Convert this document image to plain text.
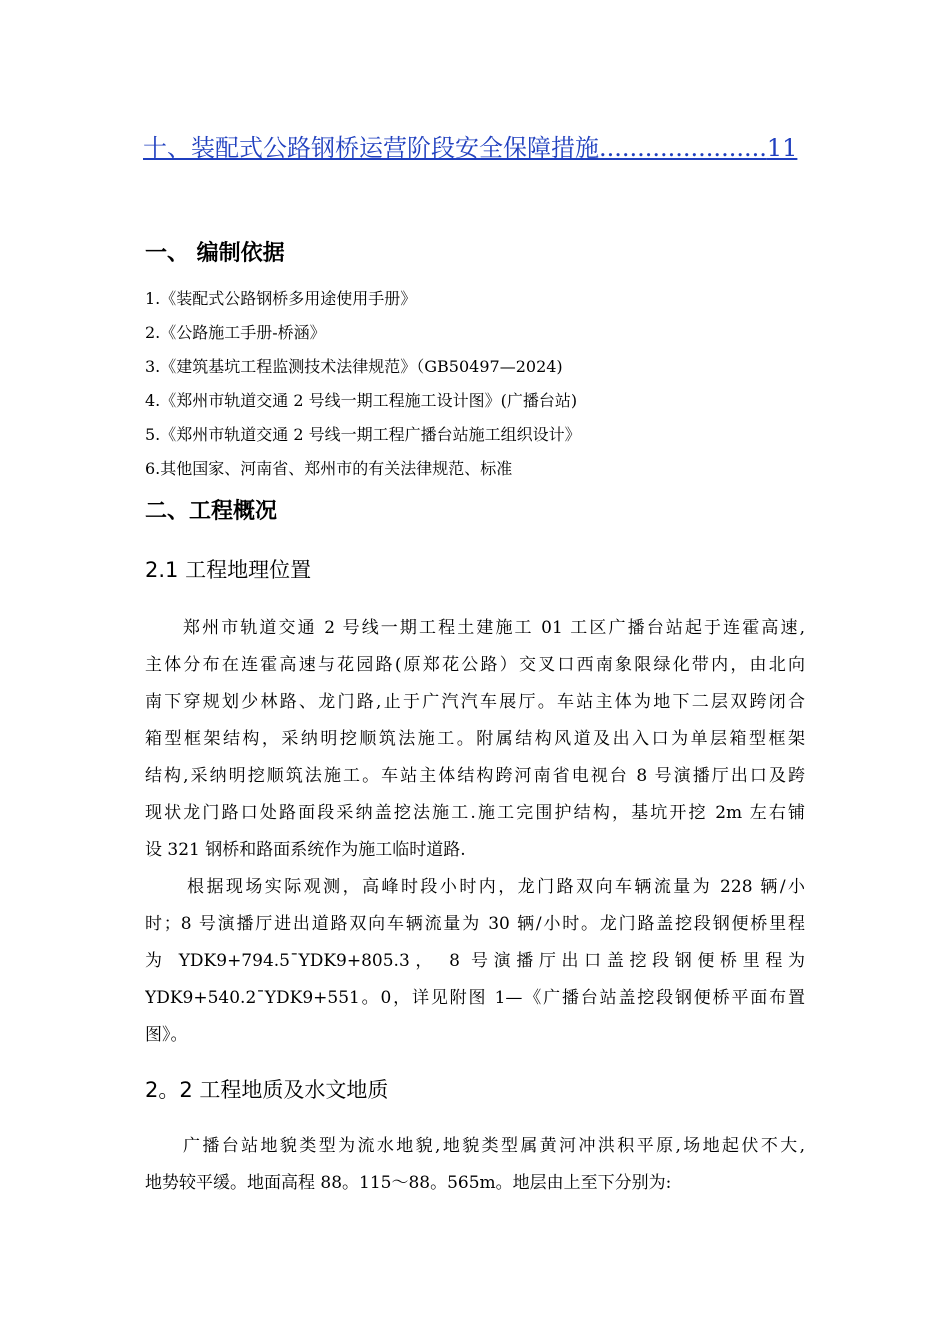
十、装配式公路钢桥运营阶段安全保障措施......................11
一、 编制依据
1.《装配式公路钢桥多用途使用手册》
2.《公路施工手册-桥涵》
3.《建筑基坑工程监测技术法律规范》（GB50497—2024)
4.《郑州市轨道交通 2 号线一期工程施工设计图》(广播台站)
5.《郑州市轨道交通 2 号线一期工程广播台站施工组织设计》
6.其他国家、河南省、郑州市的有关法律规范、标准
二、工程概况
2.1 工程地理位置
郑州市轨道交通 2 号线一期工程土建施工 01 工区广播台站起于连霍高速,
主体分布在连霍高速与花园路(原郑花公路）交叉口西南象限绿化带内，由北向
南下穿规划少林路、龙门路,止于广汽汽车展厅。车站主体为地下二层双跨闭合
箱型框架结构，采纳明挖顺筑法施工。附属结构风道及出入口为单层箱型框架
结构,采纳明挖顺筑法施工。车站主体结构跨河南省电视台 8 号演播厅出口及跨
现状龙门路口处路面段采纳盖挖法施工.施工完围护结构，基坑开挖 2m 左右铺
设 321 钢桥和路面系统作为施工临时道路.
根据现场实际观测，高峰时段小时内，龙门路双向车辆流量为 228 辆/小
时；8 号演播厅进出道路双向车辆流量为 30 辆/小时。龙门路盖挖段钢便桥里程
为 YDK9+794.5¯YDK9+805.3， 8 号演播厅出口盖挖段钢便桥里程为
YDK9+540.2¯YDK9+551。0，详见附图 1—《广播台站盖挖段钢便桥平面布置
图》。
2。2 工程地质及水文地质
广播台站地貌类型为流水地貌,地貌类型属黄河冲洪积平原,场地起伏不大,
地势较平缓。地面高程 88。115～88。565m。地层由上至下分别为:
